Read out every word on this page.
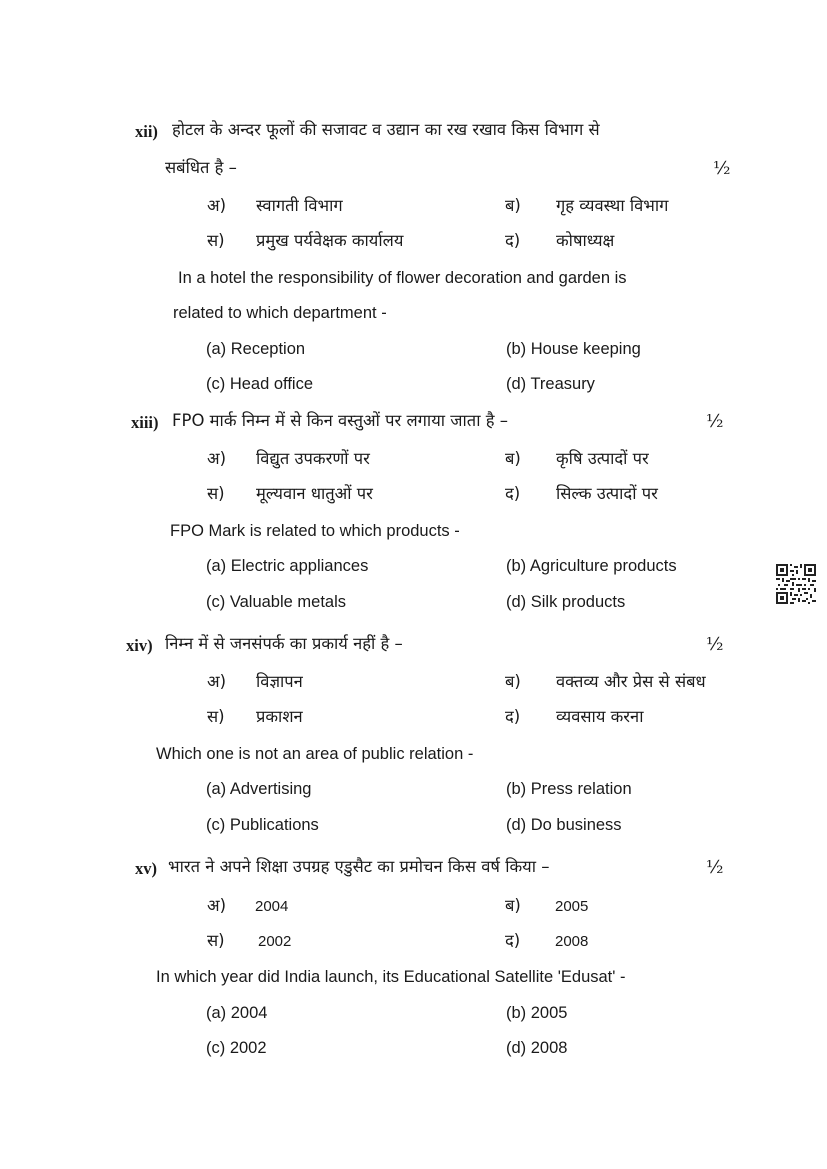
xii) होटल के अन्दर फूलों की सजावट व उद्यान का रख रखाव किस विभाग से
सबंधित है –	½
अ) स्वागती विभाग	ब) गृह व्यवस्था विभाग
स) प्रमुख पर्यवेक्षक कार्यालय	द) कोषाध्यक्ष
In a hotel the responsibility of flower decoration and garden is
related to which department -
(a) Reception	(b) House keeping
(c) Head office	(d) Treasury
xiii) FPO मार्क निम्न में से किन वस्तुओं पर लगाया जाता है –	½
अ) विद्युत उपकरणों पर	ब) कृषि उत्पादों पर
स) मूल्यवान धातुओं पर	द) सिल्क उत्पादों पर
FPO Mark is related to which products -
(a) Electric appliances	(b) Agriculture products
(c) Valuable metals	(d) Silk products
xiv) निम्न में से जनसंपर्क का प्रकार्य नहीं है –	½
अ) विज्ञापन	ब) वक्तव्य और प्रेस से संबध
स) प्रकाशन	द) व्यवसाय करना
Which one is not an area of public relation -
(a) Advertising	(b) Press relation
(c) Publications	(d) Do business
xv) भारत ने अपने शिक्षा उपग्रह एडुसैट का प्रमोचन किस वर्ष किया –	½
अ) 2004	ब) 2005
स) 2002	द) 2008
In which year did India launch, its Educational Satellite 'Edusat' -
(a) 2004	(b) 2005
(c) 2002	(d) 2008
